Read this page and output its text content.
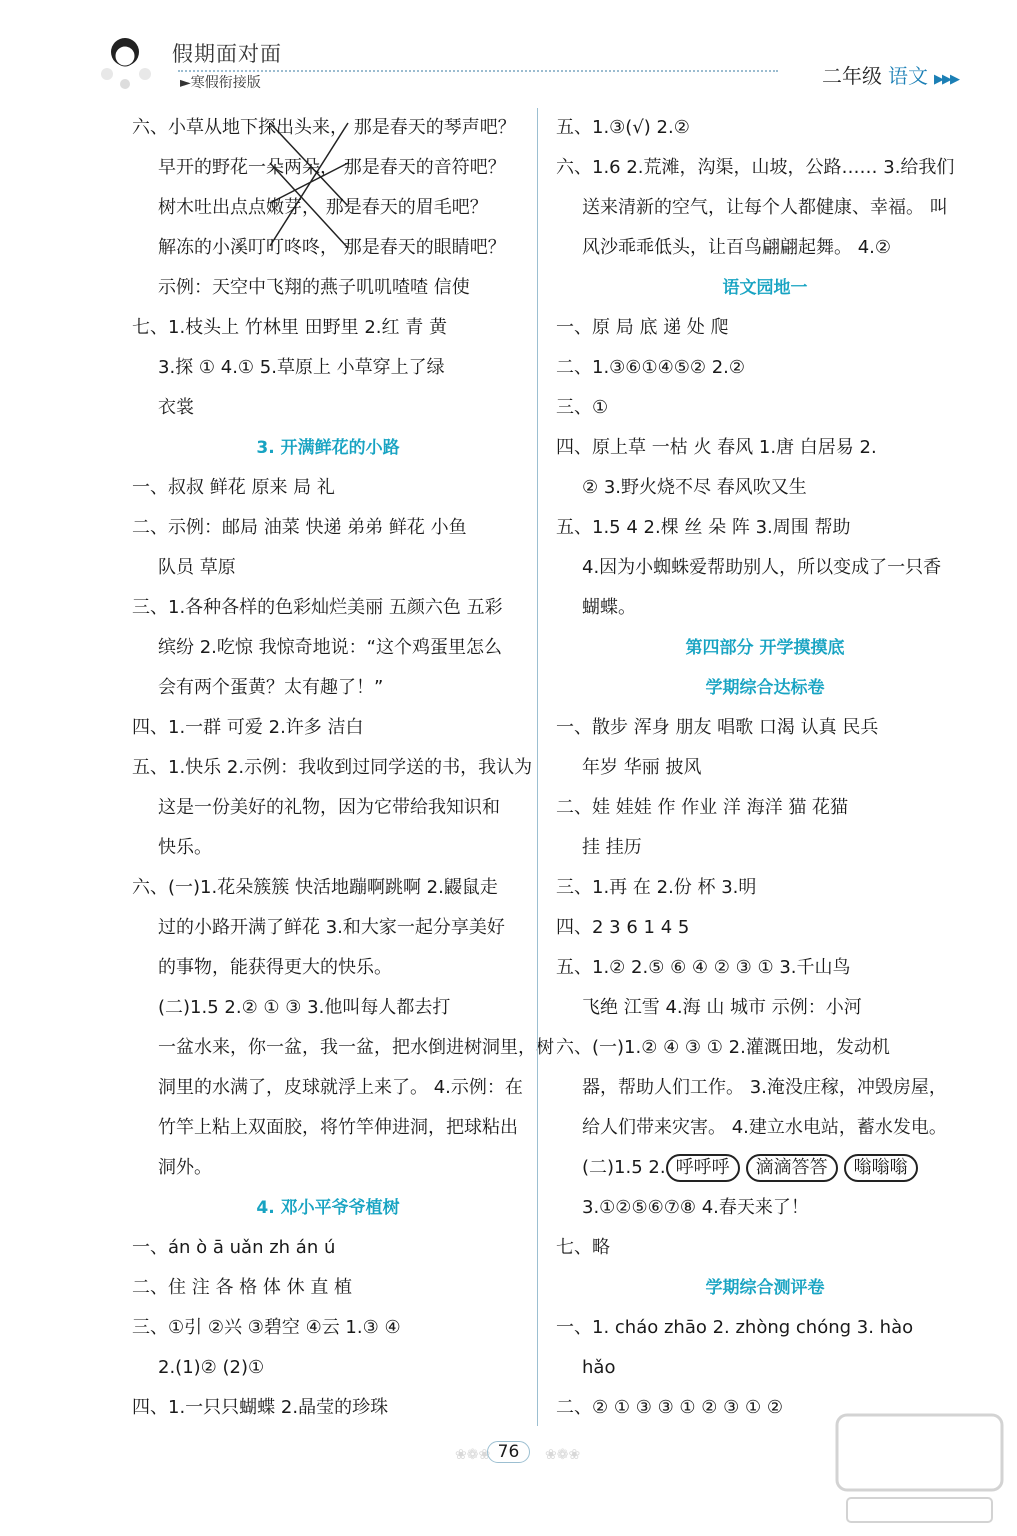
假期面对面
►寒假衔接版	二年级 语文 ▶▶▶
六、小草从地下探出头来， 那是春天的琴声吧？
早开的野花一朵两朵， 那是春天的音符吧？
树木吐出点点嫩芽， 那是春天的眉毛吧？
解冻的小溪叮叮咚咚， 那是春天的眼睛吧？
示例：天空中飞翔的燕子叽叽喳喳 信使
七、1.枝头上 竹林里 田野里 2.红 青 黄
3.探 ① 4.① 5.草原上 小草穿上了绿
衣裳
3. 开满鲜花的小路
一、叔叔 鲜花 原来 局 礼
二、示例：邮局 油菜 快递 弟弟 鲜花 小鱼
队员 草原
三、1.各种各样的色彩灿烂美丽 五颜六色 五彩
缤纷 2.吃惊 我惊奇地说：“这个鸡蛋里怎么
会有两个蛋黄？太有趣了！”
四、1.一群 可爱 2.许多 洁白
五、1.快乐 2.示例：我收到过同学送的书，我认为
这是一份美好的礼物，因为它带给我知识和
快乐。
六、(一)1.花朵簇簇 快活地蹦啊跳啊 2.鼹鼠走
过的小路开满了鲜花 3.和大家一起分享美好
的事物，能获得更大的快乐。
(二)1.5 2.② ① ③ 3.他叫每人都去打
一盆水来，你一盆，我一盆，把水倒进树洞里，树
洞里的水满了，皮球就浮上来了。 4.示例：在
竹竿上粘上双面胶，将竹竿伸进洞，把球粘出
洞外。
4. 邓小平爷爷植树
一、án ò ā uǎn zh án ú
二、住 注 各 格 体 休 直 植
三、①引 ②兴 ③碧空 ④云 1.③ ④
2.(1)② (2)①
四、1.一只只蝴蝶 2.晶莹的珍珠
五、1.③(√) 2.②
六、1.6 2.荒滩，沟渠，山坡，公路…… 3.给我们
送来清新的空气，让每个人都健康、幸福。 叫
风沙乖乖低头，让百鸟翩翩起舞。 4.②
语文园地一
一、原 局 底 递 处 爬
二、1.③⑥①④⑤② 2.②
三、①
四、原上草 一枯 火 春风 1.唐 白居易 2.
② 3.野火烧不尽 春风吹又生
五、1.5 4 2.棵 丝 朵 阵 3.周围 帮助
4.因为小蜘蛛爱帮助别人，所以变成了一只香
蝴蝶。
第四部分 开学摸摸底
学期综合达标卷
一、散步 浑身 朋友 唱歌 口渴 认真 民兵
年岁 华丽 披风
二、娃 娃娃 作 作业 洋 海洋 猫 花猫
挂 挂历
三、1.再 在 2.份 杯 3.明
四、2 3 6 1 4 5
五、1.② 2.⑤ ⑥ ④ ② ③ ① 3.千山鸟
飞绝 江雪 4.海 山 城市 示例：小河
六、(一)1.② ④ ③ ① 2.灌溉田地，发动机
器，帮助人们工作。 3.淹没庄稼，冲毁房屋，
给人们带来灾害。 4.建立水电站，蓄水发电。
(二)1.5 2. 呼呼呼 滴滴答答 嗡嗡嗡
3.①②⑤⑥⑦⑧ 4.春天来了！
七、略
学期综合测评卷
一、1. cháo zhāo 2. zhòng chóng 3. hào
hǎo
二、② ① ③ ③ ① ② ③ ① ②
❀❁❀ 76	❀❁❀
